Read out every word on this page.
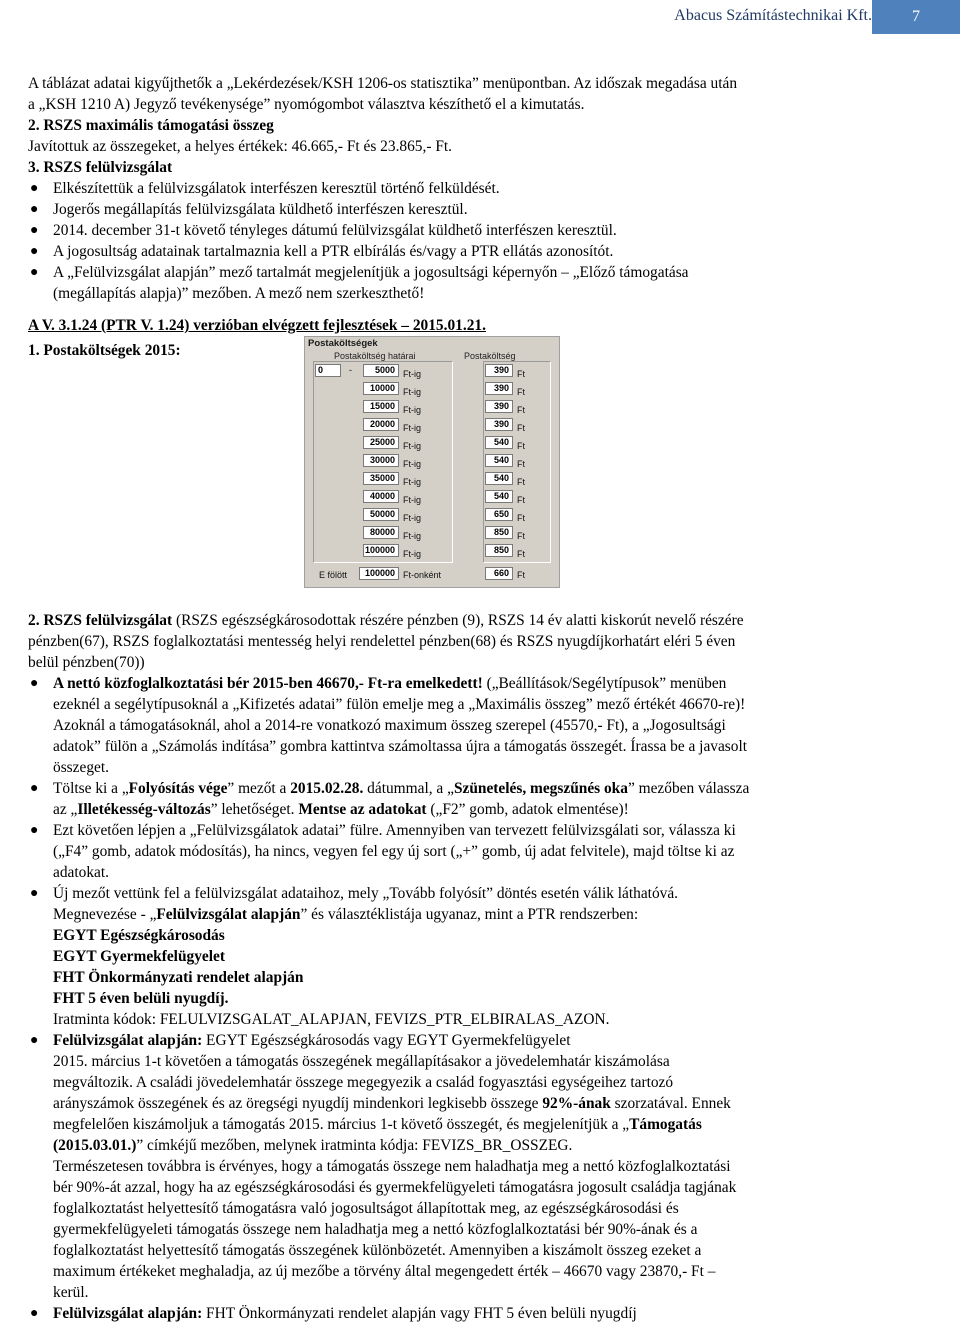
Abacus Számítástechnikai Kft.	7

A táblázat adatai kigyűjthetők a „Lekérdezések/KSH 1206-os statisztika” menüpontban. Az időszak megadása után

a „KSH 1210 A) Jegyző tevékenysége” nyomógombot választva készíthető el a kimutatás.

2. RSZS maximális támogatási összeg

Javítottuk az összegeket, a helyes értékek: 46.665,- Ft és 23.865,- Ft.

3. RSZS felülvizsgálat

● Elkészítettük a felülvizsgálatok interfészen keresztül történő felküldését.
● Jogerős megállapítás felülvizsgálata küldhető interfészen keresztül.
● 2014. december 31-t követő tényleges dátumú felülvizsgálat küldhető interfészen keresztül.
● A jogosultság adatainak tartalmaznia kell a PTR elbírálás és/vagy a PTR ellátás azonosítót.
● A „Felülvizsgálat alapján” mező tartalmát megjelenítjük a jogosultsági képernyőn – „Előző támogatása
(megállapítás alapja)” mezőben. A mező nem szerkeszthető!

A V. 3.1.24 (PTR V. 1.24) verzióban elvégzett fejlesztések – 2015.01.21.

1. Postaköltségek 2015:	Postaköltségek
Postaköltség határai	Postaköltség
0	-	5000 Ft-ig	390 Ft
10000 Ft-ig	390 Ft
15000 Ft-ig	390 Ft
20000 Ft-ig	390 Ft
25000 Ft-ig	540 Ft
30000 Ft-ig	540 Ft
35000 Ft-ig	540 Ft
40000 Ft-ig	540 Ft
50000 Ft-ig	650 Ft
80000 Ft-ig	850 Ft
100000 Ft-ig	850 Ft
E fölött	100000 Ft-onként	660 Ft

2. RSZS felülvizsgálat (RSZS egészségkárosodottak részére pénzben (9), RSZS 14 év alatti kiskorút nevelő részére

pénzben(67), RSZS foglalkoztatási mentesség helyi rendelettel pénzben(68) és RSZS nyugdíjkorhatárt eléri 5 éven

belül pénzben(70))

● A nettó közfoglalkoztatási bér 2015-ben 46670,- Ft-ra emelkedett! („Beállítások/Segélytípusok” menüben

ezeknél a segélytípusoknál a „Kifizetés adatai” fülön emelje meg a „Maximális összeg” mező értékét 46670-re)!

Azoknál a támogatásoknál, ahol a 2014-re vonatkozó maximum összeg szerepel (45570,- Ft), a „Jogosultsági

adatok” fülön a „Számolás indítása” gombra kattintva számoltassa újra a támogatás összegét. Írassa be a javasolt

összeget.

● Töltse ki a „Folyósítás vége” mezőt a 2015.02.28. dátummal, a „Szünetelés, megszűnés oka” mezőben válassza

az „Illetékesség-változás” lehetőséget. Mentse az adatokat („F2” gomb, adatok elmentése)!

● Ezt követően lépjen a „Felülvizsgálatok adatai” fülre. Amennyiben van tervezett felülvizsgálati sor, válassza ki

(„F4” gomb, adatok módosítás), ha nincs, vegyen fel egy új sort („+” gomb, új adat felvitele), majd töltse ki az

adatokat.

● Új mezőt vettünk fel a felülvizsgálat adataihoz, mely „Tovább folyósít” döntés esetén válik láthatóvá.

Megnevezése - „Felülvizsgálat alapján” és választéklistája ugyanaz, mint a PTR rendszerben:

EGYT Egészségkárosodás

EGYT Gyermekfelügyelet

FHT Önkormányzati rendelet alapján

FHT 5 éven belüli nyugdíj.

Iratminta kódok: FELULVIZSGALAT_ALAPJAN, FEVIZS_PTR_ELBIRALAS_AZON.

● Felülvizsgálat alapján: EGYT Egészségkárosodás vagy EGYT Gyermekfelügyelet

2015. március 1-t követően a támogatás összegének megállapításakor a jövedelemhatár kiszámolása

megváltozik. A családi jövedelemhatár összege megegyezik a család fogyasztási egységeihez tartozó

arányszámok összegének és az öregségi nyugdíj mindenkori legkisebb összege 92%-ának szorzatával. Ennek

megfelelően kiszámoljuk a támogatás 2015. március 1-t követő összegét, és megjelenítjük a „Támogatás

(2015.03.01.)” címkéjű mezőben, melynek iratminta kódja: FEVIZS_BR_OSSZEG.

Természetesen továbbra is érvényes, hogy a támogatás összege nem haladhatja meg a nettó közfoglalkoztatási

bér 90%-át azzal, hogy ha az egészségkárosodási és gyermekfelügyeleti támogatásra jogosult családja tagjának

foglalkoztatást helyettesítő támogatásra való jogosultságot állapítottak meg, az egészségkárosodási és

gyermekfelügyeleti támogatás összege nem haladhatja meg a nettó közfoglalkoztatási bér 90%-ának és a

foglalkoztatást helyettesítő támogatás összegének különbözetét. Amennyiben a kiszámolt összeg ezeket a

maximum értékeket meghaladja, az új mezőbe a törvény által megengedett érték – 46670 vagy 23870,- Ft –

kerül.

● Felülvizsgálat alapján: FHT Önkormányzati rendelet alapján vagy FHT 5 éven belüli nyugdíj
